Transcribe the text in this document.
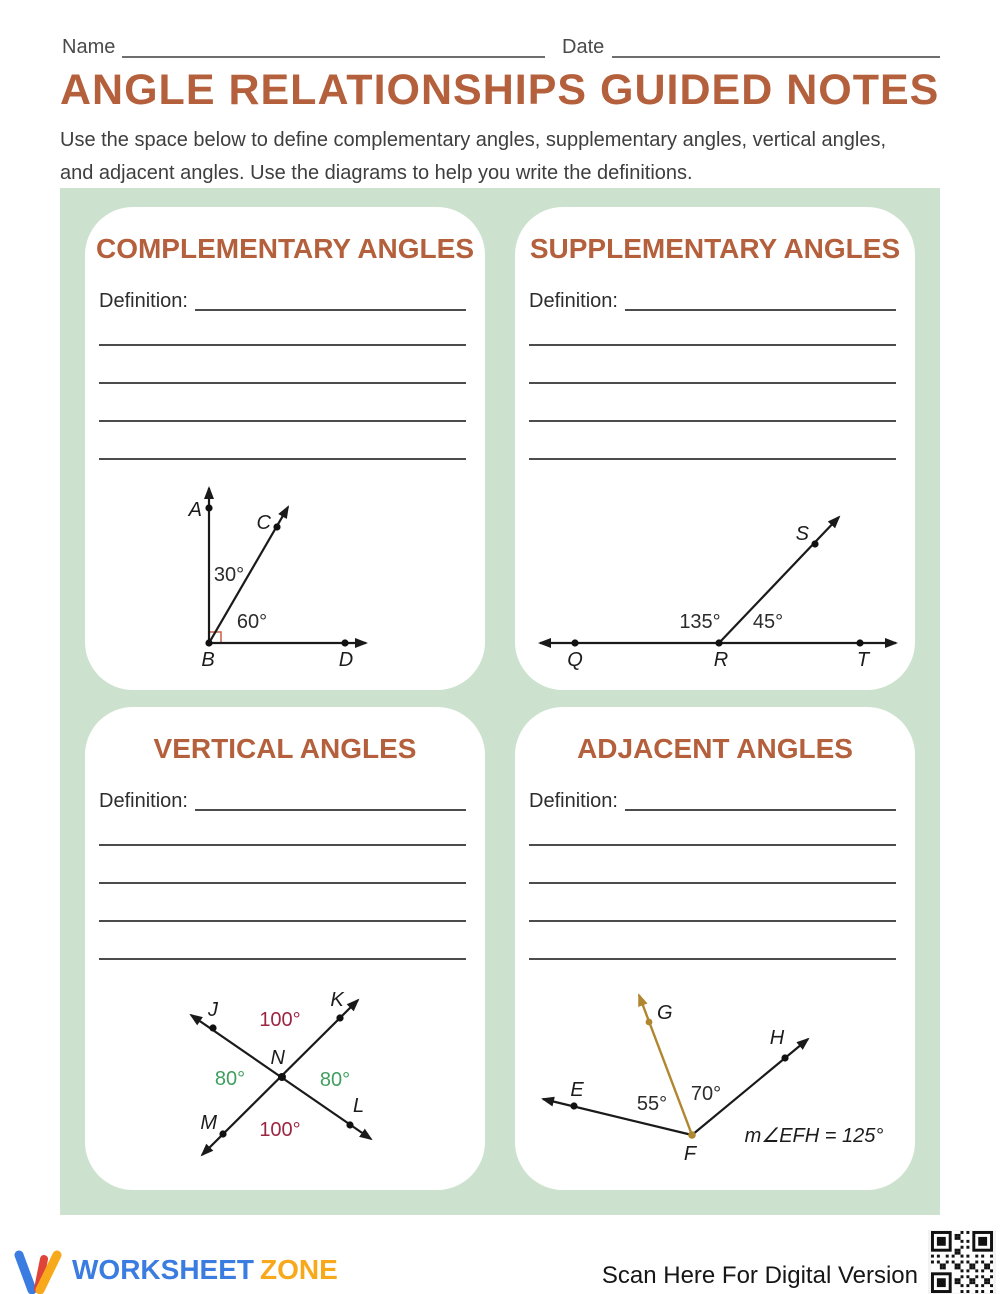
Name	Date
ANGLE RELATIONSHIPS GUIDED NOTES
Use the space below to define complementary angles, supplementary angles, vertical angles,
and adjacent angles. Use the diagrams to help you write the definitions.
COMPLEMENTARY ANGLES
Definition:
A
C
B	D
30°
60°
SUPPLEMENTARY ANGLES
Definition:
Q	R	T
S
135° 45°
VERTICAL ANGLES
Definition:
J	K
L
M
N
100°
80°	80°
100°
ADJACENT ANGLES
Definition:
E
G
H
F
55° 70°
m∠EFH = 125°
WORKSHEET ZONE	Scan Here For Digital Version
